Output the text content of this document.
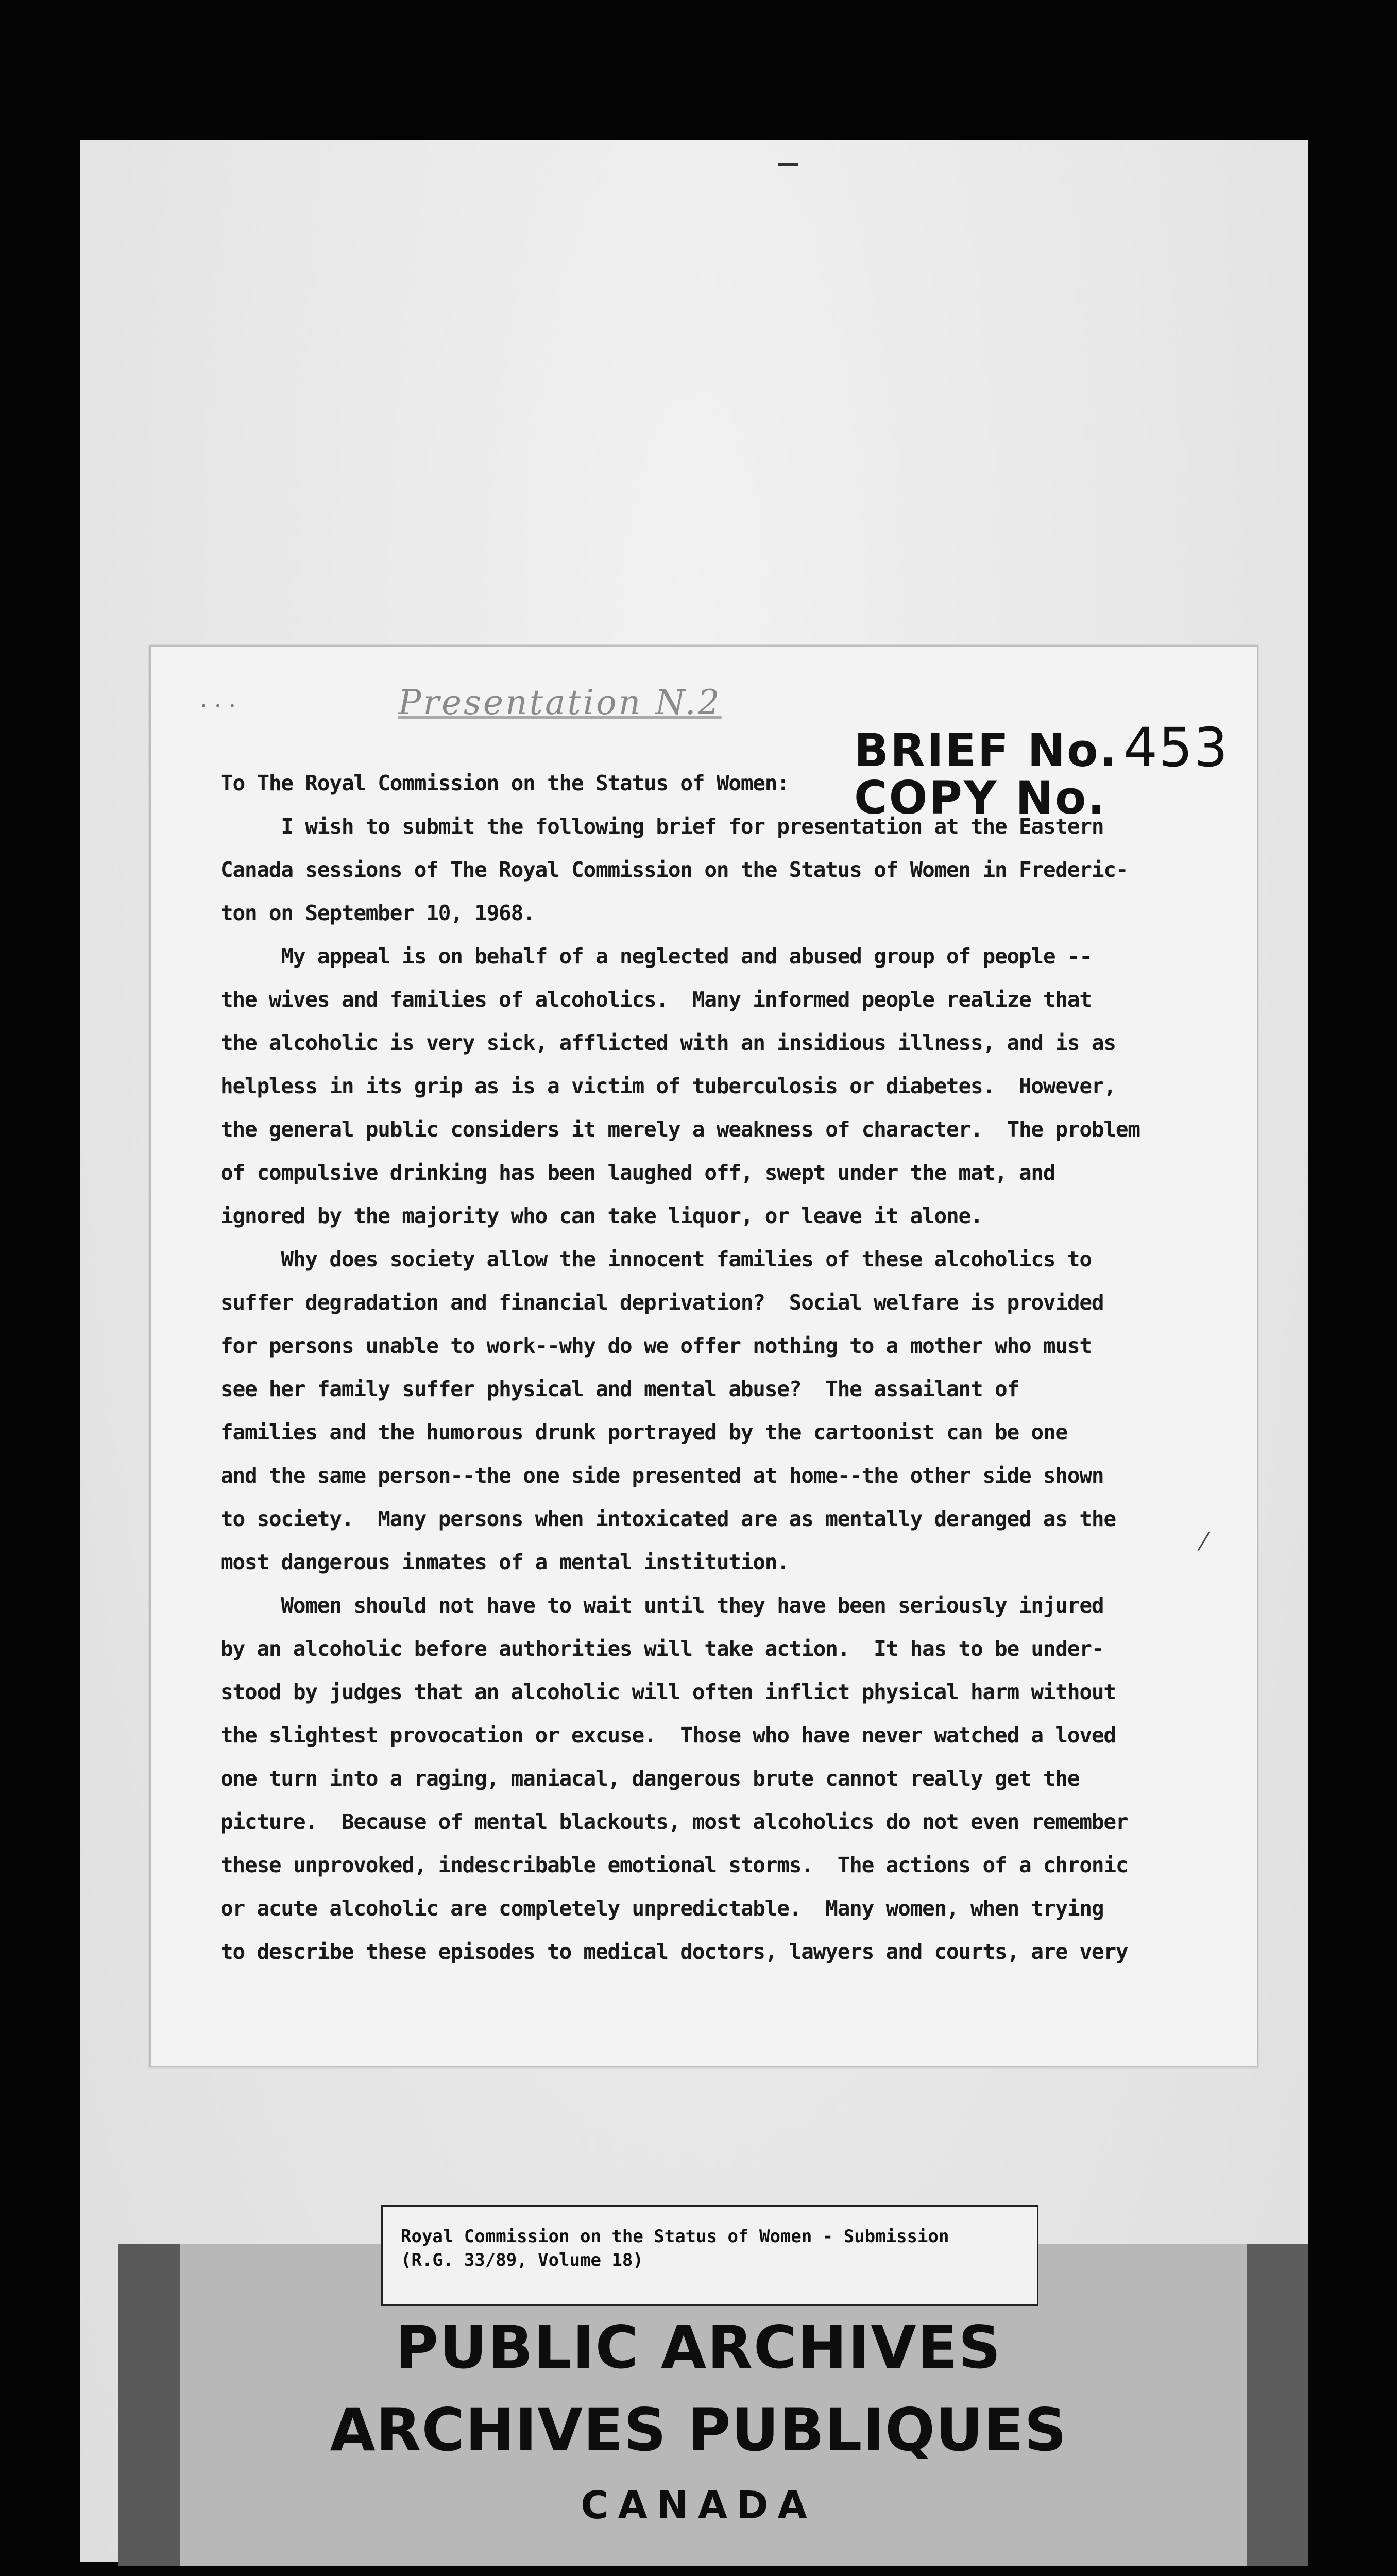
· · ·	Presentation N.2
BRIEF No. 453
COPY No.
To The Royal Commission on the Status of Women:
I wish to submit the following brief for presentation at the Eastern
Canada sessions of The Royal Commission on the Status of Women in Frederic-
ton on September 10, 1968.
My appeal is on behalf of a neglected and abused group of people --
the wives and families of alcoholics.  Many informed people realize that
the alcoholic is very sick, afflicted with an insidious illness, and is as
helpless in its grip as is a victim of tuberculosis or diabetes.  However,
the general public considers it merely a weakness of character.  The problem
of compulsive drinking has been laughed off, swept under the mat, and
ignored by the majority who can take liquor, or leave it alone.
Why does society allow the innocent families of these alcoholics to
suffer degradation and financial deprivation?  Social welfare is provided
for persons unable to work--why do we offer nothing to a mother who must
see her family suffer physical and mental abuse?  The assailant of
families and the humorous drunk portrayed by the cartoonist can be one
and the same person--the one side presented at home--the other side shown
to society.  Many persons when intoxicated are as mentally deranged as the
most dangerous inmates of a mental institution.
Women should not have to wait until they have been seriously injured
by an alcoholic before authorities will take action.  It has to be under-
stood by judges that an alcoholic will often inflict physical harm without
the slightest provocation or excuse.  Those who have never watched a loved
one turn into a raging, maniacal, dangerous brute cannot really get the
picture.  Because of mental blackouts, most alcoholics do not even remember
these unprovoked, indescribable emotional storms.  The actions of a chronic
or acute alcoholic are completely unpredictable.  Many women, when trying
to describe these episodes to medical doctors, lawyers and courts, are very
⁄
Royal Commission on the Status of Women - Submission
(R.G. 33/89, Volume 18)
PUBLIC ARCHIVES
ARCHIVES PUBLIQUES
CANADA
